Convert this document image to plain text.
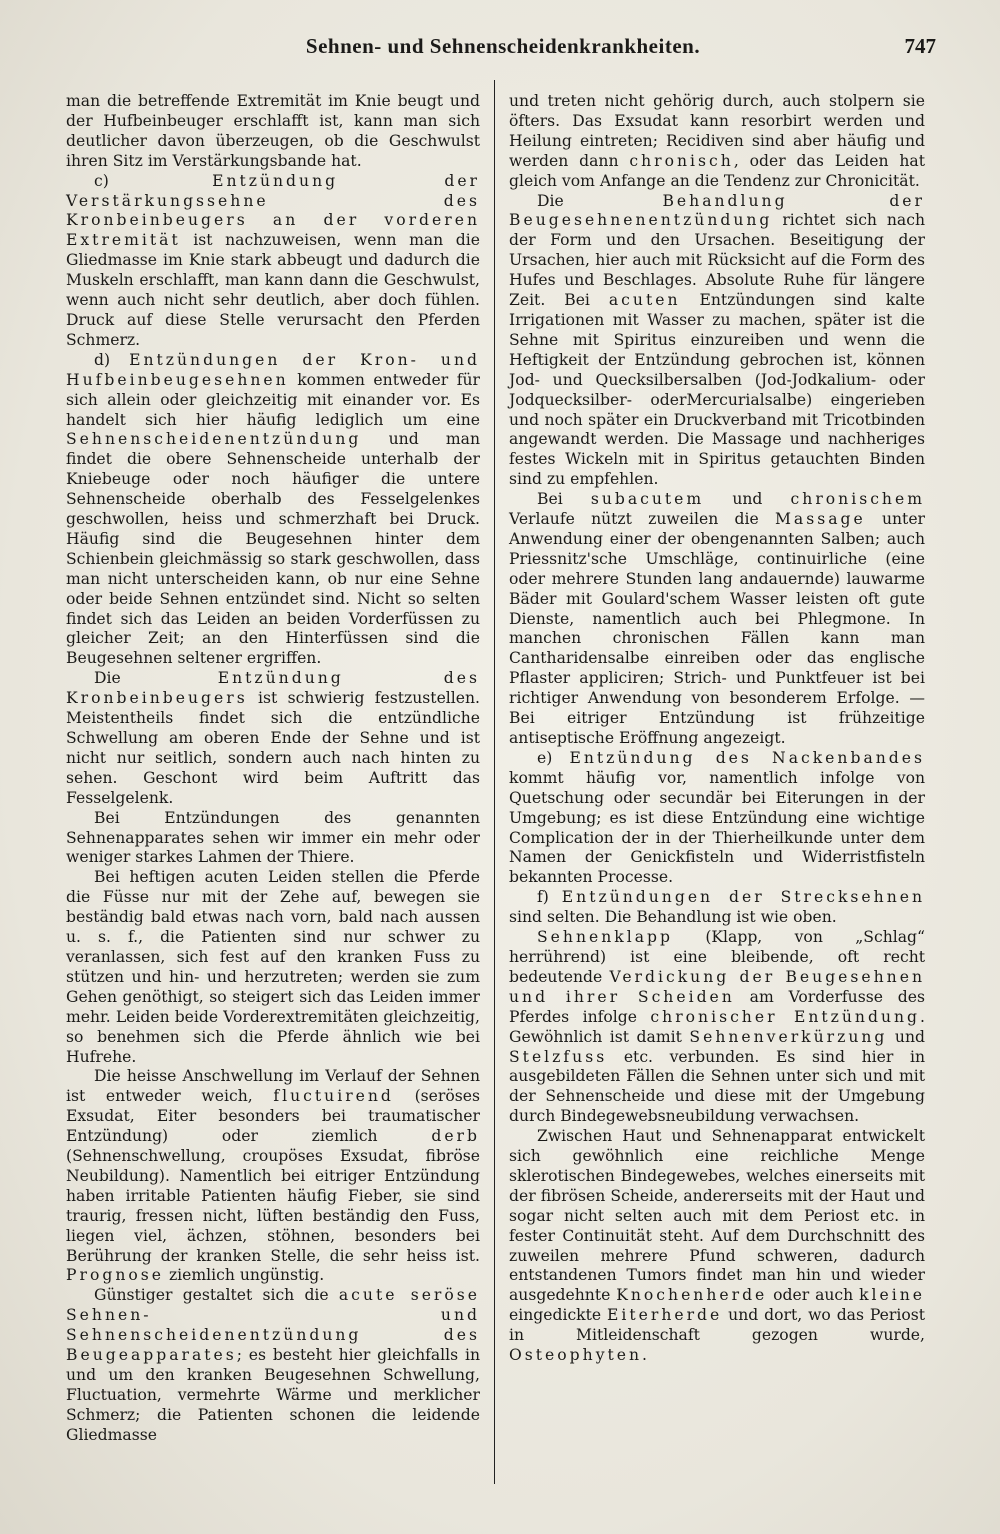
Sehnen- und Sehnenscheidenkrankheiten.	747

man die betreffende Extremität im Knie beugt und der Hufbeinbeuger erschlafft ist, kann man sich deutlicher davon überzeugen, ob die Geschwulst ihren Sitz im Verstärkungsbande hat.

c) Entzündung der Verstärkungssehne des Kronbeinbeugers an der vorderen Extremität ist nachzuweisen, wenn man die Gliedmasse im Knie stark abbeugt und dadurch die Muskeln erschlafft, man kann dann die Geschwulst, wenn auch nicht sehr deutlich, aber doch fühlen. Druck auf diese Stelle verursacht den Pferden Schmerz.

d) Entzündungen der Kron- und Hufbeinbeugesehnen kommen entweder für sich allein oder gleichzeitig mit einander vor. Es handelt sich hier häufig lediglich um eine Sehnenscheidenentzündung und man findet die obere Sehnenscheide unterhalb der Kniebeuge oder noch häufiger die untere Sehnenscheide oberhalb des Fesselgelenkes geschwollen, heiss und schmerzhaft bei Druck. Häufig sind die Beugesehnen hinter dem Schienbein gleichmässig so stark geschwollen, dass man nicht unterscheiden kann, ob nur eine Sehne oder beide Sehnen entzündet sind. Nicht so selten findet sich das Leiden an beiden Vorderfüssen zu gleicher Zeit; an den Hinterfüssen sind die Beugesehnen seltener ergriffen.

Die Entzündung des Kronbeinbeugers ist schwierig festzustellen. Meistentheils findet sich die entzündliche Schwellung am oberen Ende der Sehne und ist nicht nur seitlich, sondern auch nach hinten zu sehen. Geschont wird beim Auftritt das Fesselgelenk.

Bei Entzündungen des genannten Sehnenapparates sehen wir immer ein mehr oder weniger starkes Lahmen der Thiere.

Bei heftigen acuten Leiden stellen die Pferde die Füsse nur mit der Zehe auf, bewegen sie beständig bald etwas nach vorn, bald nach aussen u. s. f., die Patienten sind nur schwer zu veranlassen, sich fest auf den kranken Fuss zu stützen und hin- und herzutreten; werden sie zum Gehen genöthigt, so steigert sich das Leiden immer mehr. Leiden beide Vorderextremitäten gleichzeitig, so benehmen sich die Pferde ähnlich wie bei Hufrehe.

Die heisse Anschwellung im Verlauf der Sehnen ist entweder weich, fluctuirend (seröses Exsudat, Eiter besonders bei traumatischer Entzündung) oder ziemlich derb (Sehnenschwellung, croupöses Exsudat, fibröse Neubildung). Namentlich bei eitriger Entzündung haben irritable Patienten häufig Fieber, sie sind traurig, fressen nicht, lüften beständig den Fuss, liegen viel, ächzen, stöhnen, besonders bei Berührung der kranken Stelle, die sehr heiss ist. Prognose ziemlich ungünstig.

Günstiger gestaltet sich die acute seröse Sehnen- und Sehnenscheidenentzündung des Beugeapparates; es besteht hier gleichfalls in und um den kranken Beugesehnen Schwellung, Fluctuation, vermehrte Wärme und merklicher Schmerz; die Patienten schonen die leidende Gliedmasse

und treten nicht gehörig durch, auch stolpern sie öfters. Das Exsudat kann resorbirt werden und Heilung eintreten; Recidiven sind aber häufig und werden dann chronisch, oder das Leiden hat gleich vom Anfange an die Tendenz zur Chronicität.

Die Behandlung der Beugesehnenentzündung richtet sich nach der Form und den Ursachen. Beseitigung der Ursachen, hier auch mit Rücksicht auf die Form des Hufes und Beschlages. Absolute Ruhe für längere Zeit. Bei acuten Entzündungen sind kalte Irrigationen mit Wasser zu machen, später ist die Sehne mit Spiritus einzureiben und wenn die Heftigkeit der Entzündung gebrochen ist, können Jod- und Quecksilbersalben (Jod-Jodkalium- oder Jodquecksilber- oderMercurialsalbe) eingerieben und noch später ein Druckverband mit Tricotbinden angewandt werden. Die Massage und nachheriges festes Wickeln mit in Spiritus getauchten Binden sind zu empfehlen.

Bei subacutem und chronischem Verlaufe nützt zuweilen die Massage unter Anwendung einer der obengenannten Salben; auch Priessnitz'sche Umschläge, continuirliche (eine oder mehrere Stunden lang andauernde) lauwarme Bäder mit Goulard'schem Wasser leisten oft gute Dienste, namentlich auch bei Phlegmone. In manchen chronischen Fällen kann man Cantharidensalbe einreiben oder das englische Pflaster appliciren; Strich- und Punktfeuer ist bei richtiger Anwendung von besonderem Erfolge. — Bei eitriger Entzündung ist frühzeitige antiseptische Eröffnung angezeigt.

e) Entzündung des Nackenbandes kommt häufig vor, namentlich infolge von Quetschung oder secundär bei Eiterungen in der Umgebung; es ist diese Entzündung eine wichtige Complication der in der Thierheilkunde unter dem Namen der Genickfisteln und Widerristfisteln bekannten Processe.

f) Entzündungen der Strecksehnen sind selten. Die Behandlung ist wie oben.

Sehnenklapp (Klapp, von „Schlag“ herrührend) ist eine bleibende, oft recht bedeutende Verdickung der Beugesehnen und ihrer Scheiden am Vorderfusse des Pferdes infolge chronischer Entzündung. Gewöhnlich ist damit Sehnenverkürzung und Stelzfuss etc. verbunden. Es sind hier in ausgebildeten Fällen die Sehnen unter sich und mit der Sehnenscheide und diese mit der Umgebung durch Bindegewebsneubildung verwachsen.

Zwischen Haut und Sehnenapparat entwickelt sich gewöhnlich eine reichliche Menge sklerotischen Bindegewebes, welches einerseits mit der fibrösen Scheide, andererseits mit der Haut und sogar nicht selten auch mit dem Periost etc. in fester Continuität steht. Auf dem Durchschnitt des zuweilen mehrere Pfund schweren, dadurch entstandenen Tumors findet man hin und wieder ausgedehnte Knochenherde oder auch kleine eingedickte Eiterherde und dort, wo das Periost in Mitleidenschaft gezogen wurde, Osteophyten.
